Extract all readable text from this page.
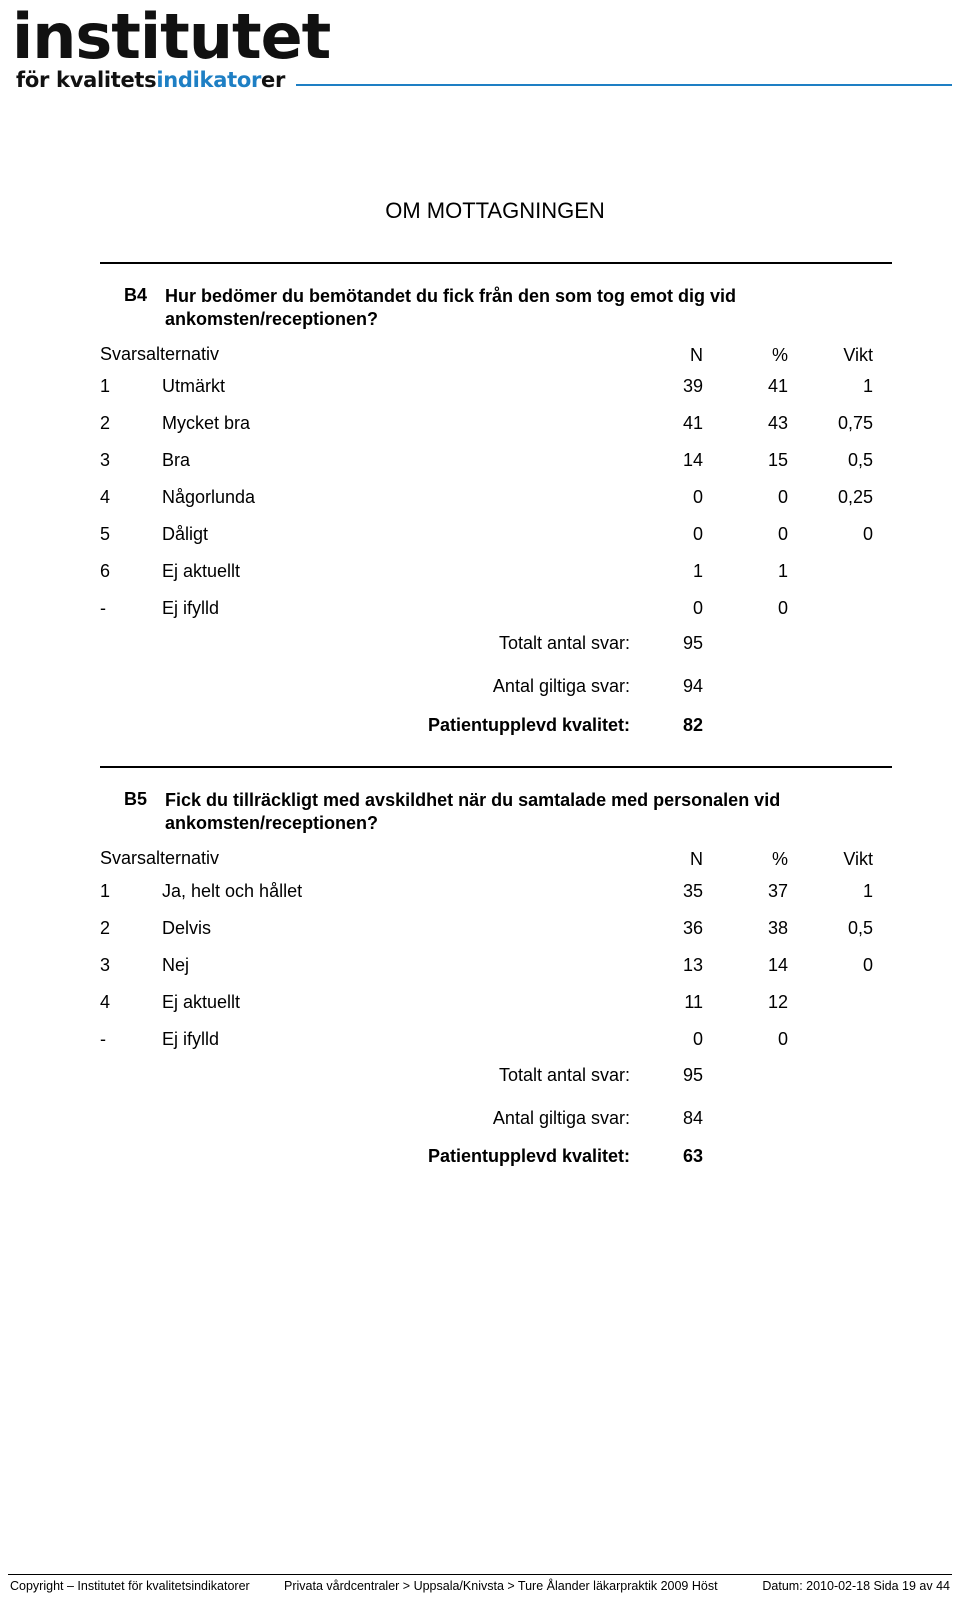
institutet
för kvalitetsindikatorer
OM MOTTAGNINGEN
B4 Hur bedömer du bemötandet du fick från den som tog emot dig vid ankomsten/receptionen?
Svarsalternativ	N	%	Vikt
1	Utmärkt	39	41	1
2	Mycket bra	41	43	0,75
3	Bra	14	15	0,5
4	Någorlunda	0	0	0,25
5	Dåligt	0	0	0
6	Ej aktuellt	1	1
-	Ej ifylld	0	0
Totalt antal svar:	95
Antal giltiga svar:	94
Patientupplevd kvalitet:	82
B5 Fick du tillräckligt med avskildhet när du samtalade med personalen vid ankomsten/receptionen?
Svarsalternativ	N	%	Vikt
1	Ja, helt och hållet	35	37	1
2	Delvis	36	38	0,5
3	Nej	13	14	0
4	Ej aktuellt	11	12
-	Ej ifylld	0	0
Totalt antal svar:	95
Antal giltiga svar:	84
Patientupplevd kvalitet:	63
Copyright – Institutet för kvalitetsindikatorer	Privata vårdcentraler > Uppsala/Knivsta > Ture Ålander läkarpraktik 2009 Höst	Datum: 2010-02-18 Sida 19 av 44
